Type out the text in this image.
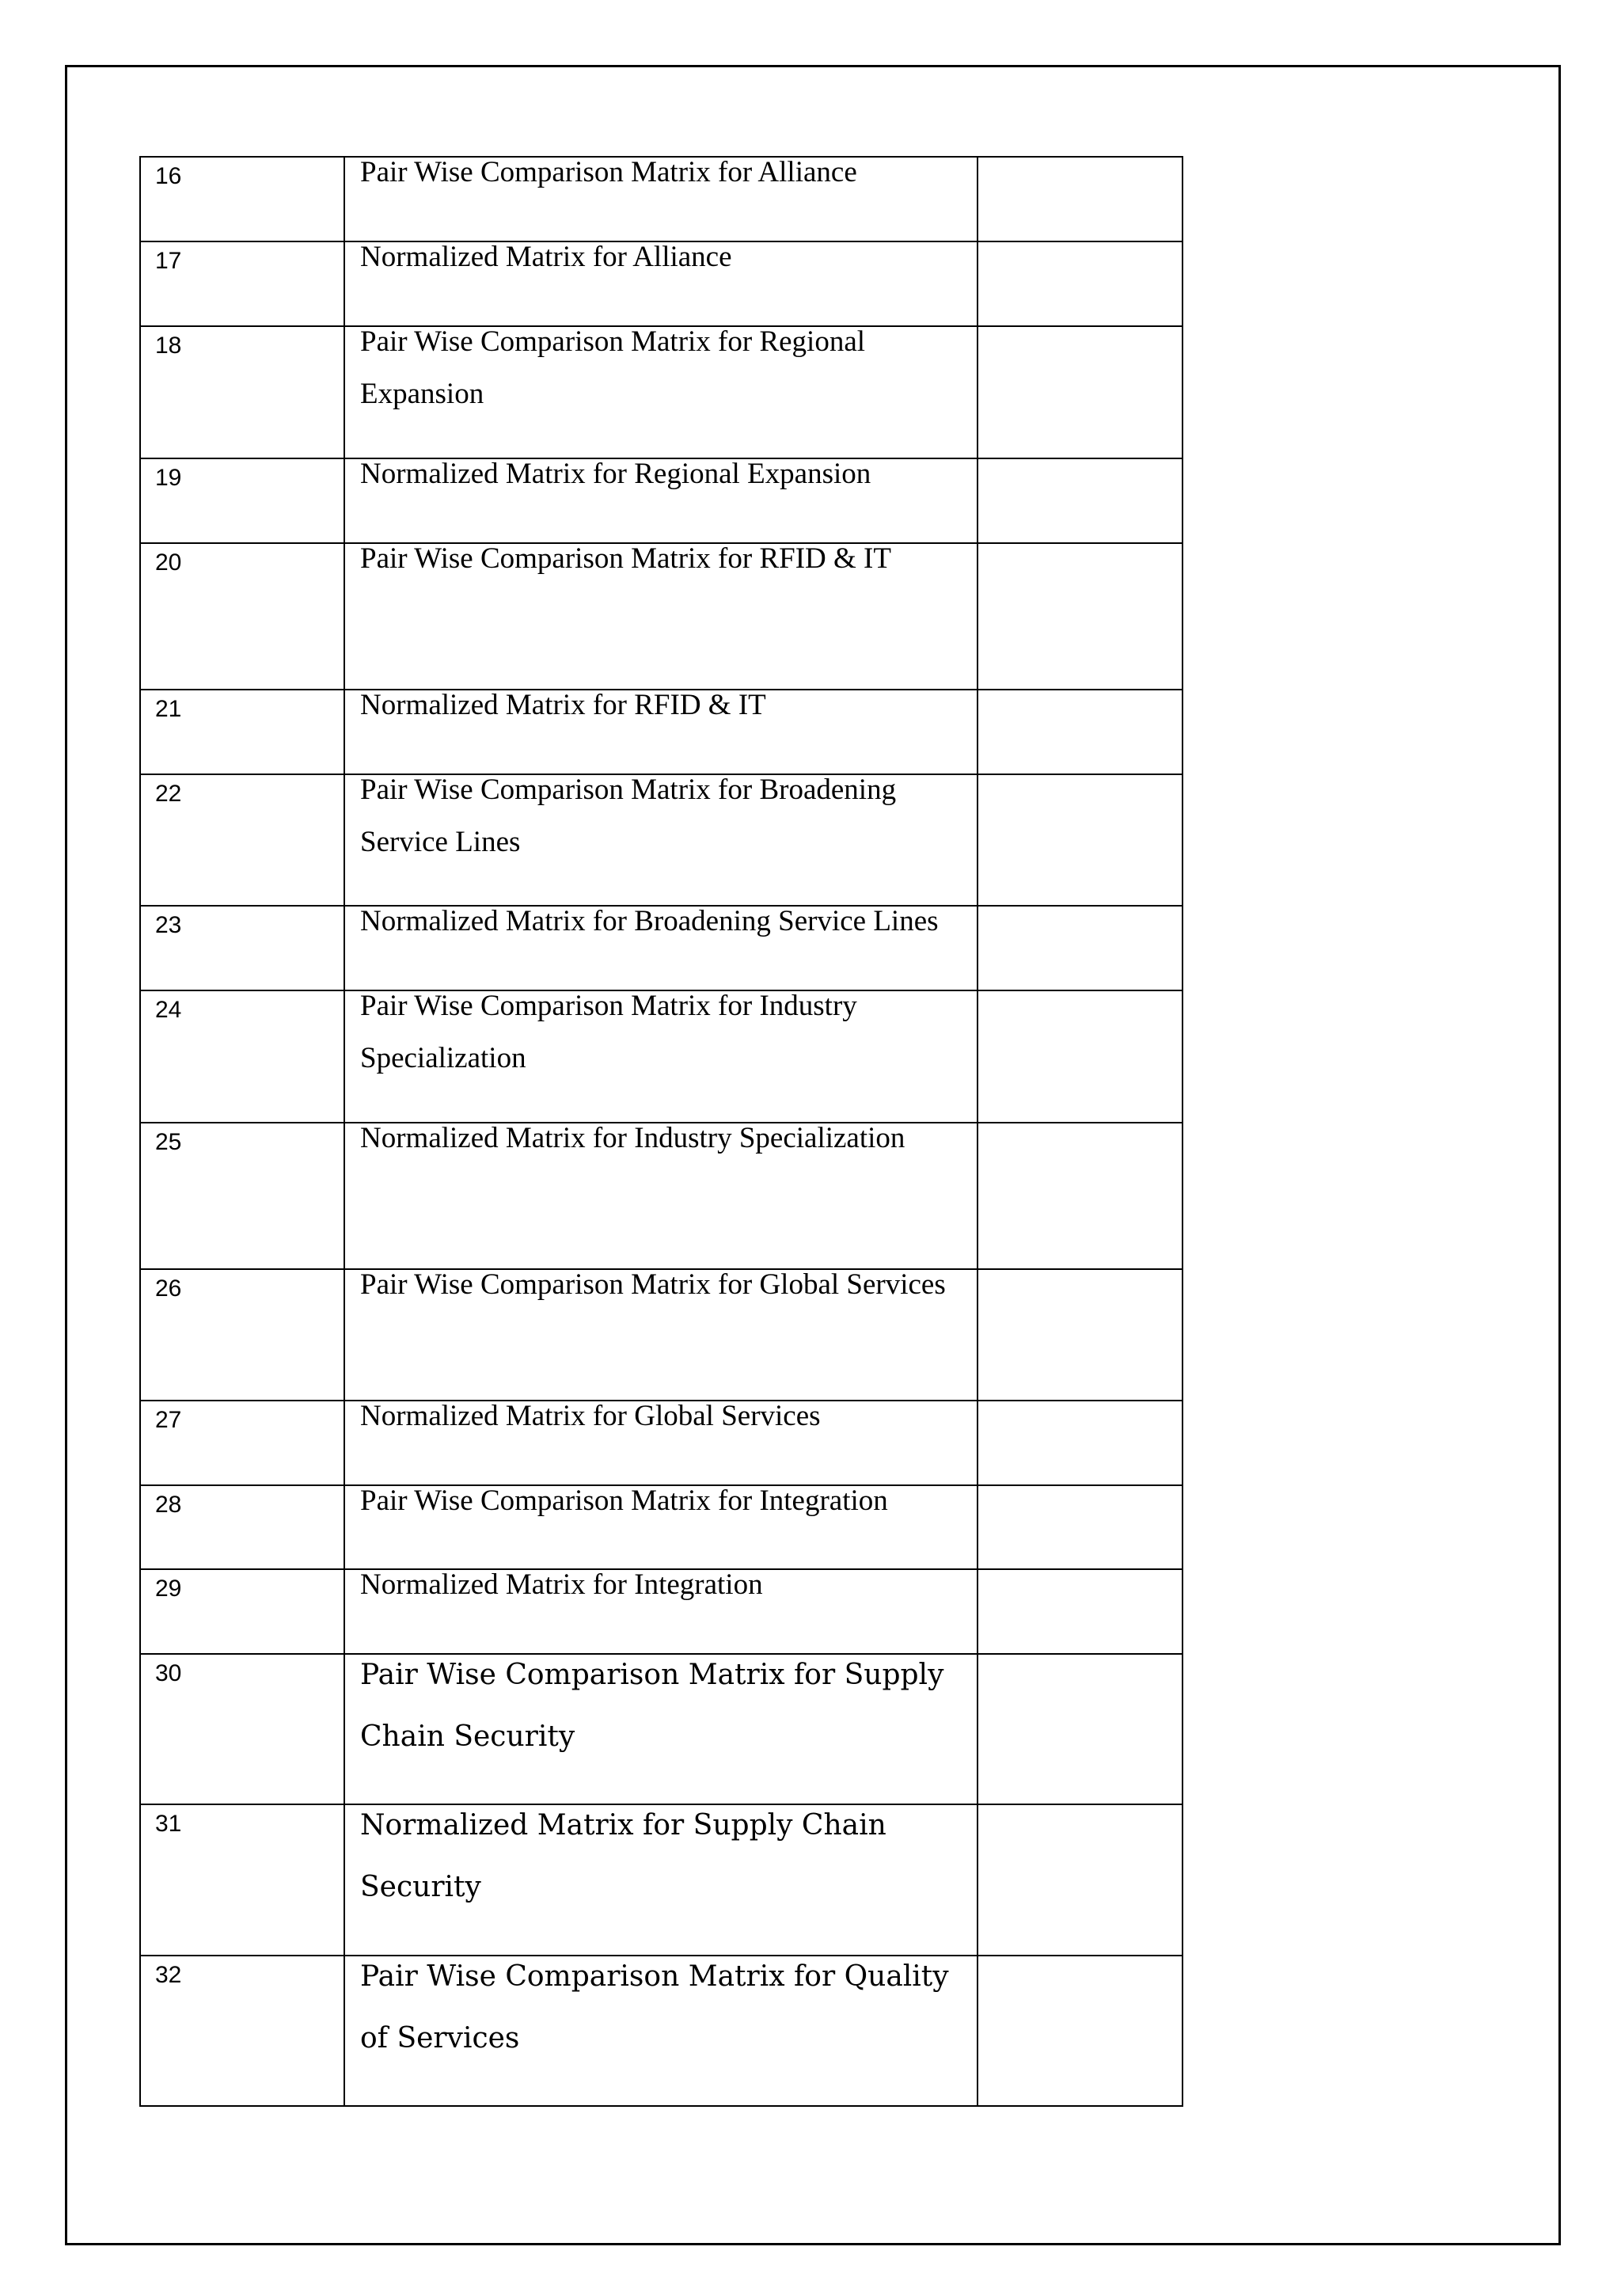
16	Pair Wise Comparison Matrix for Alliance	

17	Normalized Matrix for Alliance	

18	Pair Wise Comparison Matrix for Regional Expansion	

19	Normalized Matrix for Regional Expansion	

20	Pair Wise Comparison Matrix for RFID & IT	

21	Normalized Matrix for RFID & IT	

22	Pair Wise Comparison Matrix for Broadening Service Lines	

23	Normalized Matrix for Broadening Service Lines	

24	Pair Wise Comparison Matrix for Industry Specialization	

25	Normalized Matrix for Industry Specialization	

26	Pair Wise Comparison Matrix for Global Services	

27	Normalized Matrix for Global Services	

28	Pair Wise Comparison Matrix for Integration	

29	Normalized Matrix for Integration	

30	Pair Wise Comparison Matrix for Supply Chain Security	

31	Normalized Matrix for Supply Chain Security	

32	Pair Wise Comparison Matrix for Quality of Services	
